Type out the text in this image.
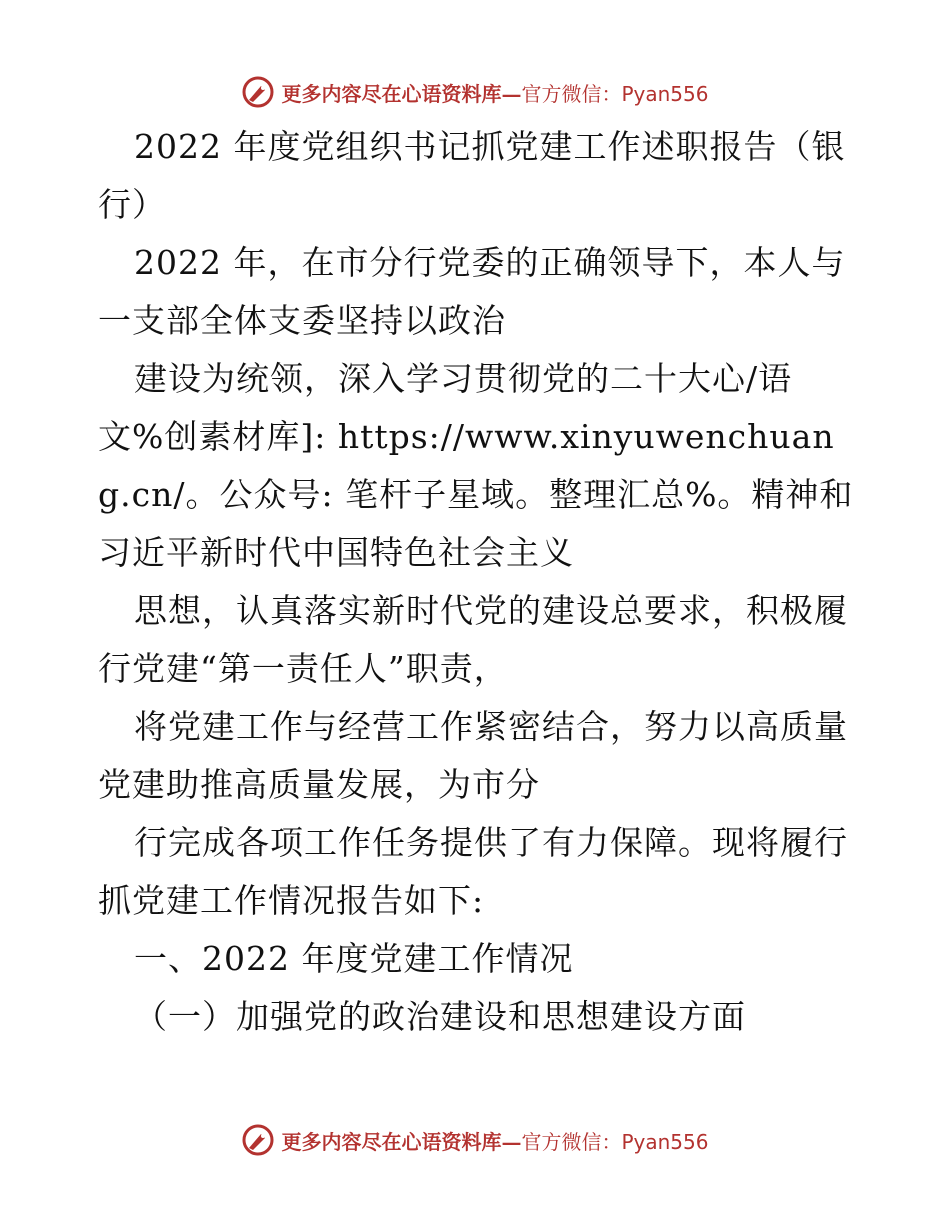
更多内容尽在心语资料库—官方微信：Pyan556

2022 年度党组织书记抓党建工作述职报告（银行）

2022 年，在市分行党委的正确领导下，本人与一支部全体支委坚持以政治

建设为统领，深入学习贯彻党的二十大心/语文%创素材库]: https://www.xinyuwenchuang.cn/。公众号: 笔杆子星域。整理汇总%。精神和习近平新时代中国特色社会主义

思想，认真落实新时代党的建设总要求，积极履行党建“第一责任人”职责，

将党建工作与经营工作紧密结合，努力以高质量党建助推高质量发展，为市分

行完成各项工作任务提供了有力保障。现将履行抓党建工作情况报告如下:

一、2022 年度党建工作情况

（一）加强党的政治建设和思想建设方面

更多内容尽在心语资料库—官方微信：Pyan556
